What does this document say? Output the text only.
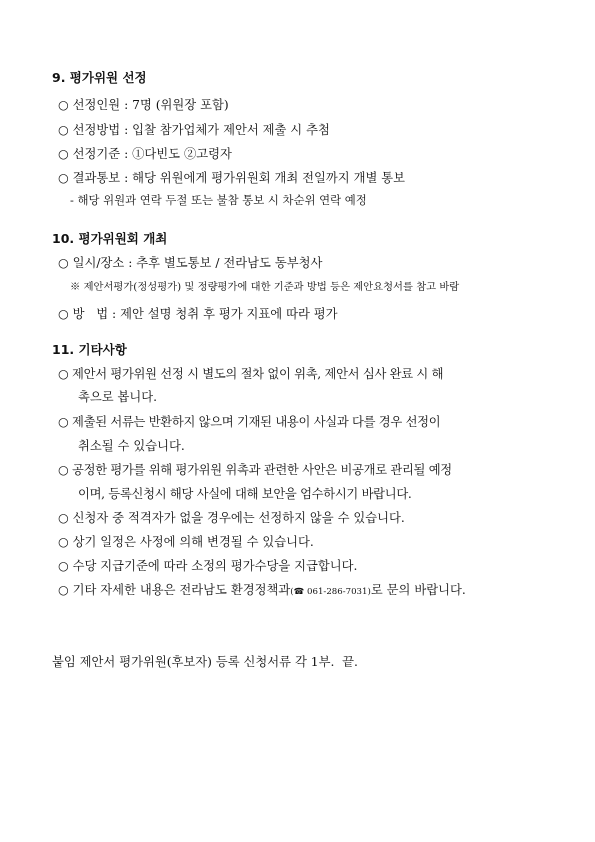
9. 평가위원 선정
○ 선정인원 : 7명 (위원장 포함)
○ 선정방법 : 입찰 참가업체가 제안서 제출 시 추첨
○ 선정기준 : ①다빈도 ②고령자
○ 결과통보 : 해당 위원에게 평가위원회 개최 전일까지 개별 통보
- 해당 위원과 연락 두절 또는 불참 통보 시 차순위 연락 예정
10. 평가위원회 개최
○ 일시/장소 : 추후 별도통보 / 전라남도 동부청사
※ 제안서평가(정성평가) 및 정량평가에 대한 기준과 방법 등은 제안요청서를 참고 바람
○ 방   법 : 제안 설명 청취 후 평가 지표에 따라 평가
11. 기타사항
○ 제안서 평가위원 선정 시 별도의 절차 없이 위촉, 제안서 심사 완료 시 해
촉으로 봅니다.
○ 제출된 서류는 반환하지 않으며 기재된 내용이 사실과 다를 경우 선정이
취소될 수 있습니다.
○ 공정한 평가를 위해 평가위원 위촉과 관련한 사안은 비공개로 관리될 예정
이며, 등록신청시 해당 사실에 대해 보안을 엄수하시기 바랍니다.
○ 신청자 중 적격자가 없을 경우에는 선정하지 않을 수 있습니다.
○ 상기 일정은 사정에 의해 변경될 수 있습니다.
○ 수당 지급기준에 따라 소정의 평가수당을 지급합니다.
○ 기타 자세한 내용은 전라남도 환경정책과(☎ 061-286-7031)로 문의 바랍니다.
붙임 제안서 평가위원(후보자) 등록 신청서류 각 1부.  끝.
